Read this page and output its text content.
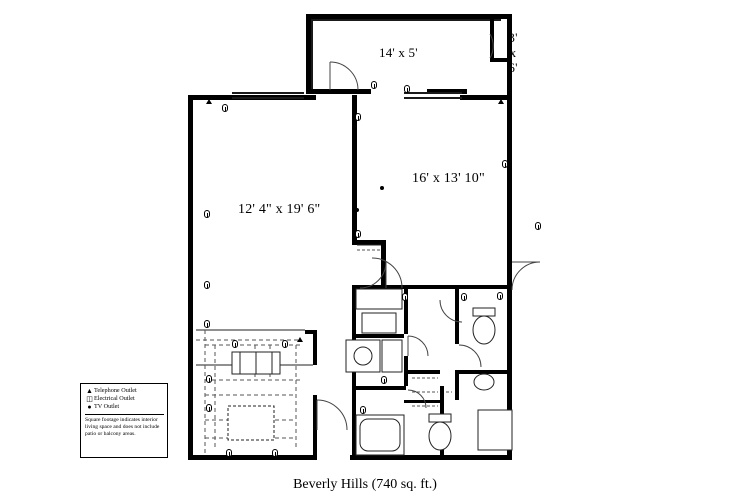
14' x 5'
3'
x
6'
16' x 13' 10"
12' 4" x 19' 6"
▲ Telephone Outlet
◫ Electrical Outlet
● TV Outlet
Square footage indicates interior living space and does not include patio or balcony areas.
Beverly Hills (740 sq. ft.)
